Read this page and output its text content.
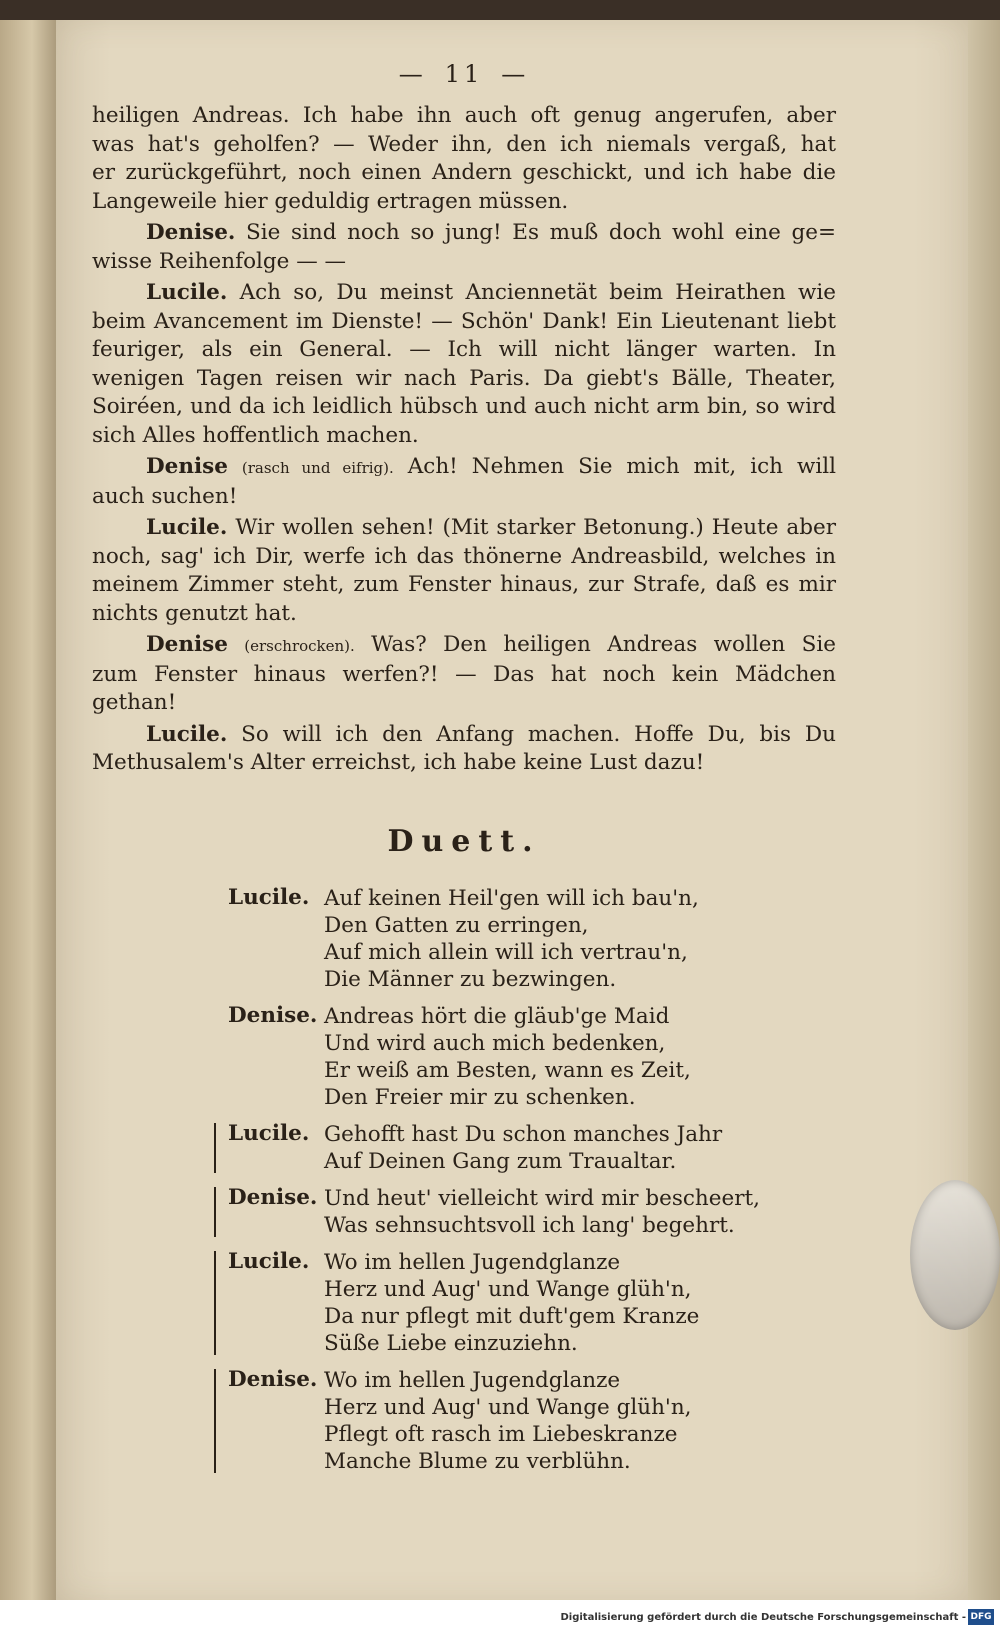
— 11 —
heiligen Andreas. Ich habe ihn auch oft genug angerufen, aber
was hat's geholfen? — Weder ihn, den ich niemals vergaß, hat
er zurückgeführt, noch einen Andern geschickt, und ich habe die
Langeweile hier geduldig ertragen müssen.
Denise. Sie sind noch so jung! Es muß doch wohl eine ge=
wisse Reihenfolge — —
Lucile. Ach so, Du meinst Anciennetät beim Heirathen wie
beim Avancement im Dienste! — Schön' Dank! Ein Lieutenant liebt
feuriger, als ein General. — Ich will nicht länger warten. In
wenigen Tagen reisen wir nach Paris. Da giebt's Bälle, Theater,
Soiréen, und da ich leidlich hübsch und auch nicht arm bin, so wird
sich Alles hoffentlich machen.
Denise (rasch und eifrig). Ach! Nehmen Sie mich mit, ich will
auch suchen!
Lucile. Wir wollen sehen! (Mit starker Betonung.) Heute aber
noch, sag' ich Dir, werfe ich das thönerne Andreasbild, welches in
meinem Zimmer steht, zum Fenster hinaus, zur Strafe, daß es mir
nichts genutzt hat.
Denise (erschrocken). Was? Den heiligen Andreas wollen Sie
zum Fenster hinaus werfen?! — Das hat noch kein Mädchen gethan!
Lucile. So will ich den Anfang machen. Hoffe Du, bis Du
Methusalem's Alter erreichst, ich habe keine Lust dazu!
Duett.
Lucile. Auf keinen Heil'gen will ich bau'n,
Den Gatten zu erringen,
Auf mich allein will ich vertrau'n,
Die Männer zu bezwingen.
Denise. Andreas hört die gläub'ge Maid
Und wird auch mich bedenken,
Er weiß am Besten, wann es Zeit,
Den Freier mir zu schenken.
Lucile. Gehofft hast Du schon manches Jahr
Auf Deinen Gang zum Traualtar.
Denise. Und heut' vielleicht wird mir bescheert,
Was sehnsuchtsvoll ich lang' begehrt.
Lucile. Wo im hellen Jugendglanze
Herz und Aug' und Wange glüh'n,
Da nur pflegt mit duft'gem Kranze
Süße Liebe einzuziehn.
Denise. Wo im hellen Jugendglanze
Herz und Aug' und Wange glüh'n,
Pflegt oft rasch im Liebeskranze
Manche Blume zu verblühn.
Digitalisierung gefördert durch die Deutsche Forschungsgemeinschaft - DFG
